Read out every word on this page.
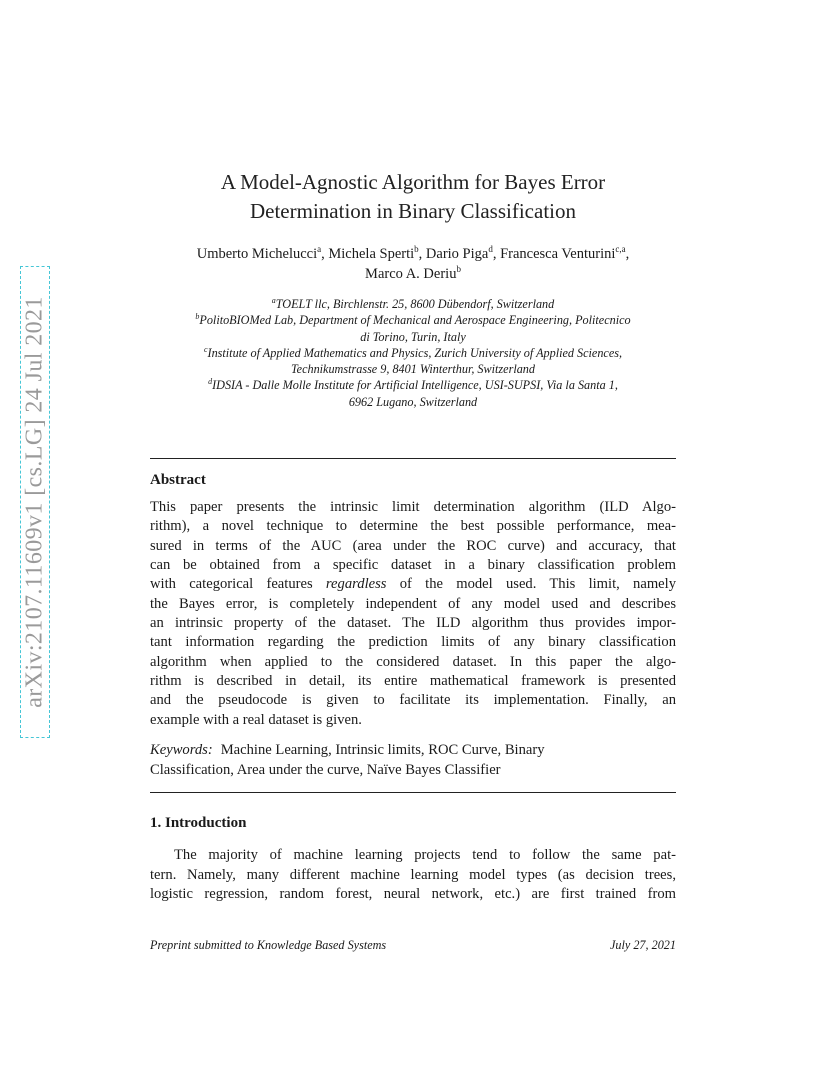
arXiv:2107.11609v1 [cs.LG] 24 Jul 2021
A Model-Agnostic Algorithm for Bayes Error
Determination in Binary Classification
Umberto Michelucci$^a$, Michela Sperti$^b$, Dario Piga$^d$, Francesca Venturini$^{c,a}$,
Marco A. Deriu$^b$
$^a$TOELT llc, Birchlenstr. 25, 8600 Dübendorf, Switzerland
$^b$PolitoBIOMed Lab, Department of Mechanical and Aerospace Engineering, Politecnico
di Torino, Turin, Italy
$^c$Institute of Applied Mathematics and Physics, Zurich University of Applied Sciences,
Technikumstrasse 9, 8401 Winterthur, Switzerland
$^d$IDSIA - Dalle Molle Institute for Artificial Intelligence, USI-SUPSI, Via la Santa 1,
6962 Lugano, Switzerland
Abstract
This paper presents the intrinsic limit determination algorithm (ILD Algo-
rithm), a novel technique to determine the best possible performance, mea-
sured in terms of the AUC (area under the ROC curve) and accuracy, that
can be obtained from a specific dataset in a binary classification problem
with categorical features regardless of the model used. This limit, namely
the Bayes error, is completely independent of any model used and describes
an intrinsic property of the dataset. The ILD algorithm thus provides impor-
tant information regarding the prediction limits of any binary classification
algorithm when applied to the considered dataset. In this paper the algo-
rithm is described in detail, its entire mathematical framework is presented
and the pseudocode is given to facilitate its implementation. Finally, an
example with a real dataset is given.
Keywords: Machine Learning, Intrinsic limits, ROC Curve, Binary
Classification, Area under the curve, Naïve Bayes Classifier
1. Introduction
The majority of machine learning projects tend to follow the same pat-
tern. Namely, many different machine learning model types (as decision trees,
logistic regression, random forest, neural network, etc.) are first trained from
Preprint submitted to Knowledge Based Systems	July 27, 2021
